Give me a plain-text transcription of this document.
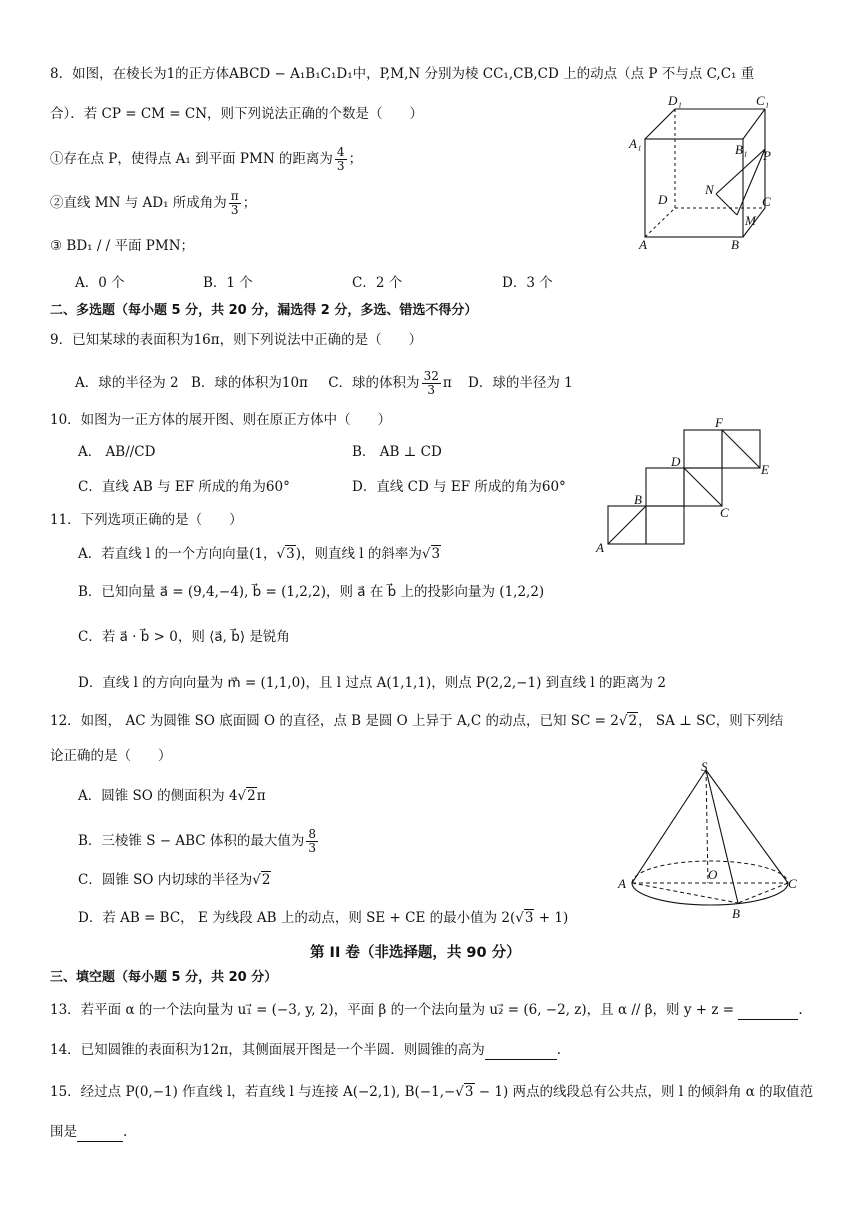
8．如图，在棱长为1的正方体ABCD − A₁B₁C₁D₁中，P,M,N 分别为棱 CC₁,CB,CD 上的动点（点 P 不与点 C,C₁ 重
合）．若 CP = CM = CN，则下列说法正确的个数是（　　）
①存在点 P，使得点 A₁ 到平面 PMN 的距离为 $\frac{4}{3}$ ；
②直线 MN 与 AD₁ 所成角为 $\frac{\pi}{3}$ ；
③ BD₁ / / 平面 PMN；
A．0 个	B．1 个	C．2 个	D．3 个
D₁	C₁
A₁	B₁ P
N
D	C
M
A	B
二、多选题（每小题 5 分，共 20 分，漏选得 2 分，多选、错选不得分）
9．已知某球的表面积为16π，则下列说法中正确的是（　　）
A．球的半径为 2 B．球的体积为10π C．球的体积为 $\frac{32}{3}$ π D．球的半径为 1
10．如图为一正方体的展开图、则在原正方体中（　　）
A． AB//CD	B． AB ⊥ CD
C．直线 AB 与 EF 所成的角为60°	D．直线 CD 与 EF 所成的角为60°
F
D
E
B
C
A
11．下列选项正确的是（　　）
A．若直线 l 的一个方向向量(1，√3)，则直线 l 的斜率为√3
B．已知向量 a⃗ = (9,4,−4), b⃗ = (1,2,2)，则 a⃗ 在 b⃗ 上的投影向量为 (1,2,2)
C．若 a⃗ · b⃗ > 0，则 ⟨a⃗, b⃗⟩ 是锐角
D．直线 l 的方向向量为 m⃗ = (1,1,0)，且 l 过点 A(1,1,1)，则点 P(2,2,−1) 到直线 l 的距离为 2
12．如图， AC 为圆锥 SO 底面圆 O 的直径，点 B 是圆 O 上异于 A,C 的动点，已知 SC = 2√2， SA ⊥ SC，则下列结
论正确的是（　　）
A．圆锥 SO 的侧面积为 4√2π
B．三棱锥 S − ABC 体积的最大值为 $\frac{8}{3}$
C．圆锥 SO 内切球的半径为√2
D．若 AB = BC， E 为线段 AB 上的动点，则 SE + CE 的最小值为 2(√3 + 1)
S
O
A	C
B
第 II 卷（非选择题，共 90 分）
三、填空题（每小题 5 分，共 20 分）
13．若平面 α 的一个法向量为 u₁⃗ = (−3, y, 2)，平面 β 的一个法向量为 u₂⃗ = (6, −2, z)，且 α // β，则 y + z =	.
14．已知圆锥的表面积为12π，其侧面展开图是一个半圆．则圆锥的高为	.
15．经过点 P(0,−1) 作直线 l，若直线 l 与连接 A(−2,1), B(−1,−√3 − 1) 两点的线段总有公共点，则 l 的倾斜角 α 的取值范
围是	.
